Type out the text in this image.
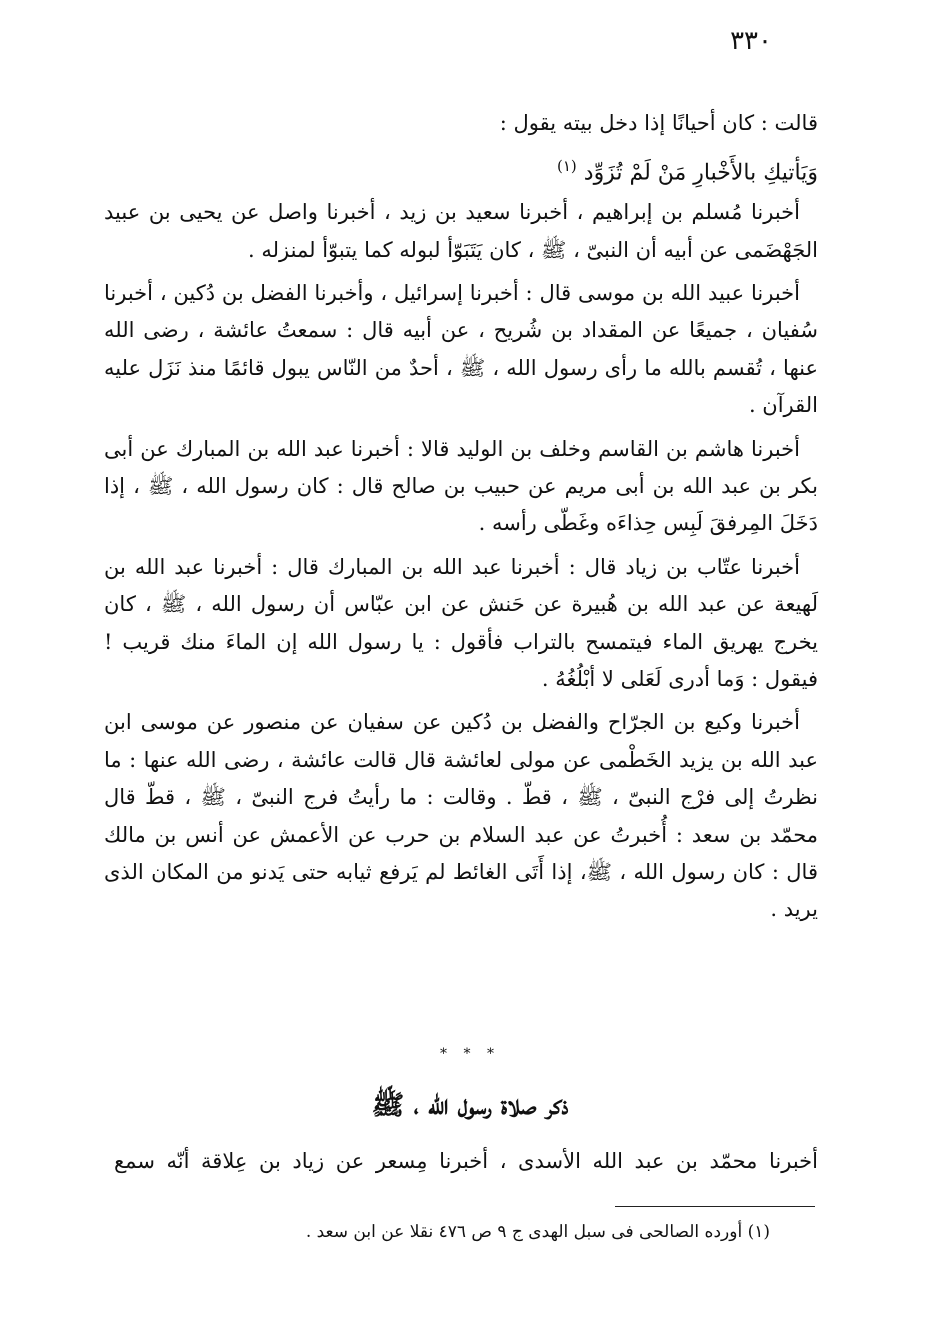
٣٣٠

قالت : كان أحيانًا إذا دخل بيته يقول :

وَيَأتيكِ بالأَخْبارِ مَنْ لَمْ تُزَوِّد $^{(١)}$

أخبرنا مُسلم بن إبراهيم ، أخبرنا سعيد بن زيد ، أخبرنا واصل عن يحيى بن عبيد الجَهْضَمى عن أبيه أن النبىّ ، ﷺ ، كان يَتَبَوّأ لبوله كما يتبوّأ لمنزله .

أخبرنا عبيد الله بن موسى قال : أخبرنا إسرائيل ، وأخبرنا الفضل بن دُكين ، أخبرنا سُفيان ، جميعًا عن المقداد بن شُريح ، عن أبيه قال : سمعتُ عائشة ، رضى الله عنها ، تُقسم بالله ما رأى رسول الله ، ﷺ ، أحدٌ من النّاس يبول قائمًا منذ نَزَل عليه القرآن .

أخبرنا هاشم بن القاسم وخلف بن الوليد قالا : أخبرنا عبد الله بن المبارك عن أبى بكر بن عبد الله بن أبى مريم عن حبيب بن صالح قال : كان رسول الله ، ﷺ ، إذا دَخَلَ المِرفقَ لَبِس حِذاءَه وغَطّى رأسه .

أخبرنا عتّاب بن زياد قال : أخبرنا عبد الله بن المبارك قال : أخبرنا عبد الله بن لَهيعة عن عبد الله بن هُبيرة عن حَنش عن ابن عبّاس أن رسول الله ، ﷺ ، كان يخرج يهريق الماء فيتمسح بالتراب فأقول : يا رسول الله إن الماءَ منك قريب ! فيقول : وَما أدرى لَعَلى لا أبْلُغُهُ .

أخبرنا وكيع بن الجرّاح والفضل بن دُكين عن سفيان عن منصور عن موسى ابن عبد الله بن يزيد الخَطْمى عن مولى لعائشة قال قالت عائشة ، رضى الله عنها : ما نظرتُ إلى فرْج النبىّ ، ﷺ ، قطّ . وقالت : ما رأيتُ فرج النبىّ ، ﷺ ، قطّ قال محمّد بن سعد : أُخبرتُ عن عبد السلام بن حرب عن الأعمش عن أنس بن مالك قال : كان رسول الله ، ﷺ، إذا أَتَى الغائط لم يَرفع ثيابه حتى يَدنو من المكان الذى يريد .

* * *
ذكر صلاة رسول الله ، ﷺ
أخبرنا محمّد بن عبد الله الأسدى ، أخبرنا مِسعر عن زياد بن عِلاقة أنّه سمع
(١) أورده الصالحى فى سبل الهدى ج ٩ ص ٤٧٦ نقلا عن ابن سعد .
